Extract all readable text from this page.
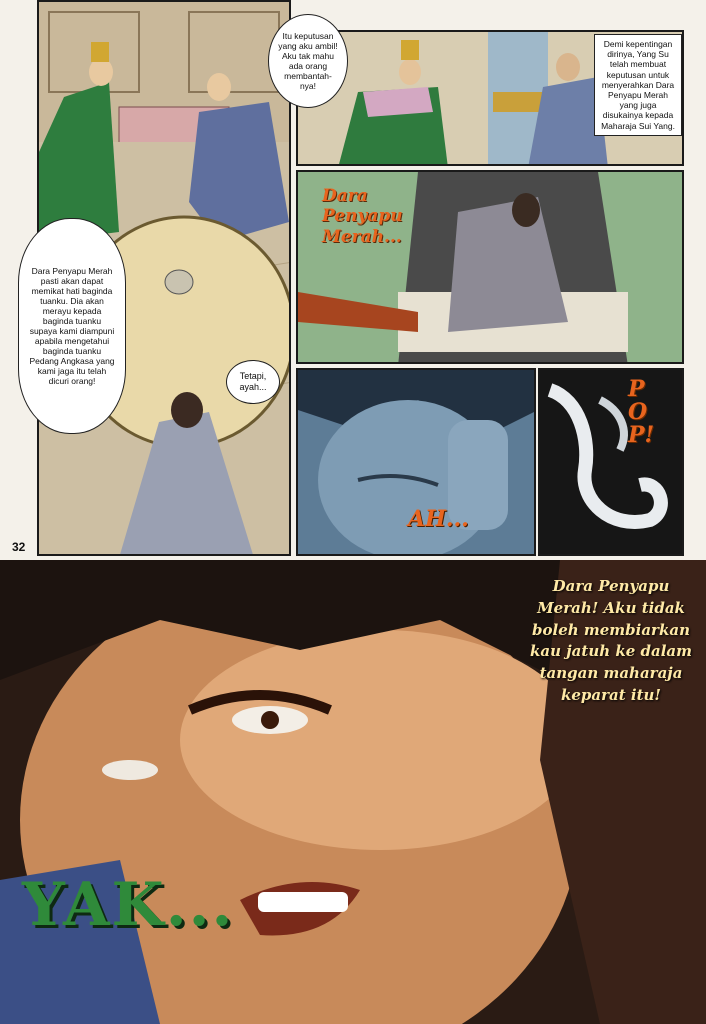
Itu keputusan yang aku ambil! Aku tak mahu ada orang membantah-nya!
Dara Penyapu Merah pasti akan dapat memikat hati baginda tuanku. Dia akan merayu kepada baginda tuanku supaya kami diampuni apabila mengetahui baginda tuanku Pedang Angkasa yang kami jaga itu telah dicuri orang!	Tetapi, ayah...
Demi kepentingan dirinya, Yang Su telah membuat keputusan untuk menyerahkan Dara Penyapu Merah yang juga disukainya kepada Maharaja Sui Yang.
Dara Penyapu Merah...
AH...
POP!
32
Dara Penyapu Merah! Aku tidak boleh membiarkan kau jatuh ke dalam tangan maharaja keparat itu!
YAK...
